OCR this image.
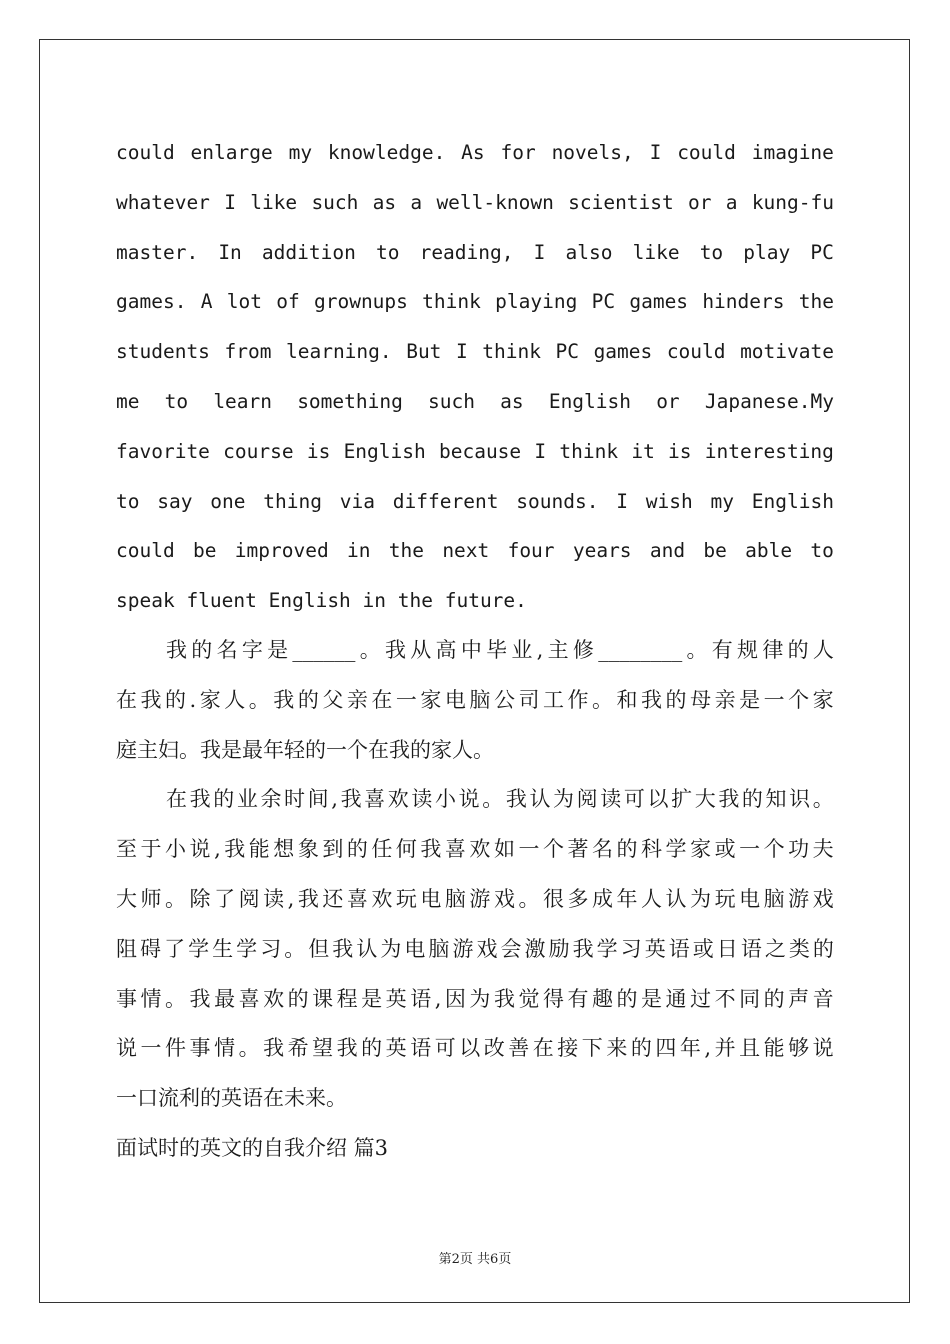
could enlarge my knowledge. As for novels, I could imagine
whatever I like such as a well-known scientist or a kung-fu
master. In addition to reading, I also like to play PC
games. A lot of grownups think playing PC games hinders the
students from learning. But I think PC games could motivate
me to learn something such as English or Japanese.My
favorite course is English because I think it is interesting
to say one thing via different sounds. I wish my English
could be improved in the next four years and be able to
speak fluent English in the future.
我 的 名 字 是 ______ 。 我 从 高 中 毕 业 , 主 修 ________ 。 有 规 律 的 人
在 我 的 . 家 人 。 我 的 父 亲 在 一 家 电 脑 公 司 工 作 。 和 我 的 母 亲 是 一 个 家
庭主妇。我是最年轻的一个在我的家人。
在 我 的 业 余 时 间 , 我 喜 欢 读 小 说 。 我 认 为 阅 读 可 以 扩 大 我 的 知 识 。
至 于 小 说 , 我 能 想 象 到 的 任 何 我 喜 欢 如 一 个 著 名 的 科 学 家 或 一 个 功 夫
大 师 。 除 了 阅 读 , 我 还 喜 欢 玩 电 脑 游 戏 。 很 多 成 年 人 认 为 玩 电 脑 游 戏
阻 碍 了 学 生 学 习 。 但 我 认 为 电 脑 游 戏 会 激 励 我 学 习 英 语 或 日 语 之 类 的
事 情 。 我 最 喜 欢 的 课 程 是 英 语 , 因 为 我 觉 得 有 趣 的 是 通 过 不 同 的 声 音
说 一 件 事 情 。 我 希 望 我 的 英 语 可 以 改 善 在 接 下 来 的 四 年 , 并 且 能 够 说
一口流利的英语在未来。
面试时的英文的自我介绍 篇3
第2页 共6页
